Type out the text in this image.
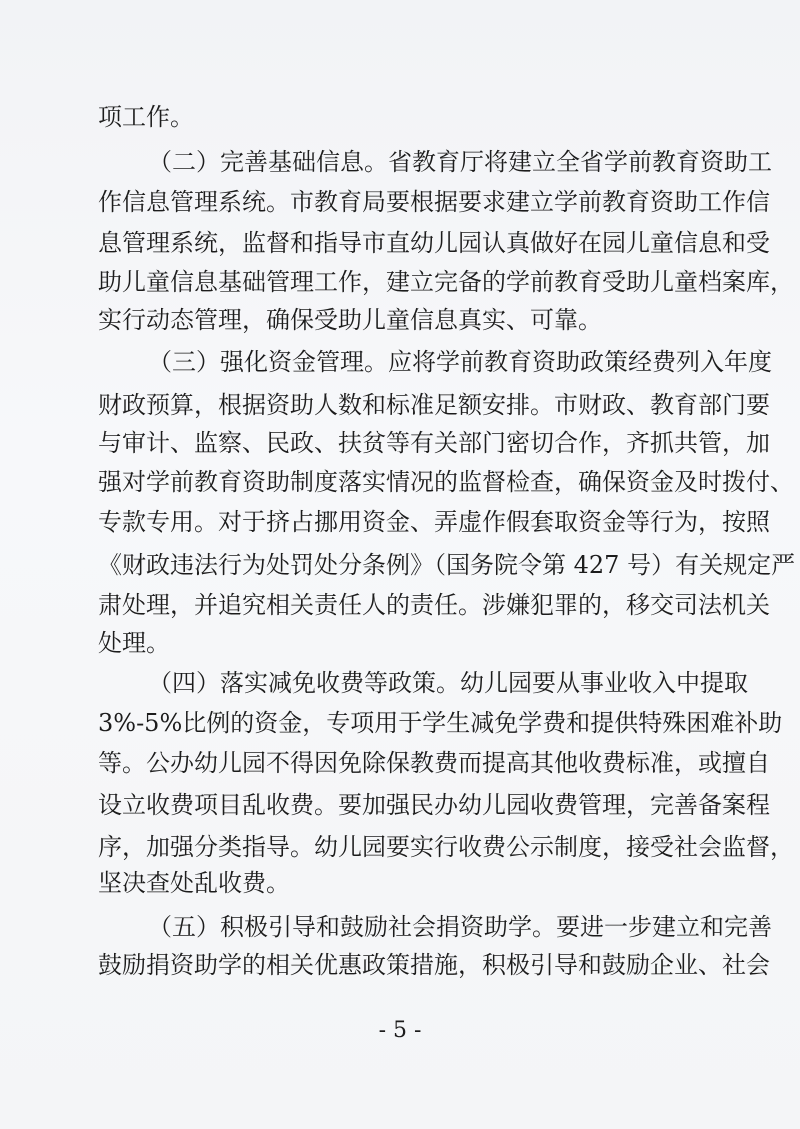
项工作。
（二）完善基础信息。省教育厅将建立全省学前教育资助工
作信息管理系统。市教育局要根据要求建立学前教育资助工作信
息管理系统，监督和指导市直幼儿园认真做好在园儿童信息和受
助儿童信息基础管理工作，建立完备的学前教育受助儿童档案库，
实行动态管理，确保受助儿童信息真实、可靠。
（三）强化资金管理。应将学前教育资助政策经费列入年度
财政预算，根据资助人数和标准足额安排。市财政、教育部门要
与审计、监察、民政、扶贫等有关部门密切合作，齐抓共管，加
强对学前教育资助制度落实情况的监督检查，确保资金及时拨付、
专款专用。对于挤占挪用资金、弄虚作假套取资金等行为，按照
《财政违法行为处罚处分条例》（国务院令第 427 号）有关规定严
肃处理，并追究相关责任人的责任。涉嫌犯罪的，移交司法机关
处理。
（四）落实减免收费等政策。幼儿园要从事业收入中提取
3%-5%比例的资金，专项用于学生减免学费和提供特殊困难补助
等。公办幼儿园不得因免除保教费而提高其他收费标准，或擅自
设立收费项目乱收费。要加强民办幼儿园收费管理，完善备案程
序，加强分类指导。幼儿园要实行收费公示制度，接受社会监督，
坚决查处乱收费。
（五）积极引导和鼓励社会捐资助学。要进一步建立和完善
鼓励捐资助学的相关优惠政策措施，积极引导和鼓励企业、社会
- 5 -
